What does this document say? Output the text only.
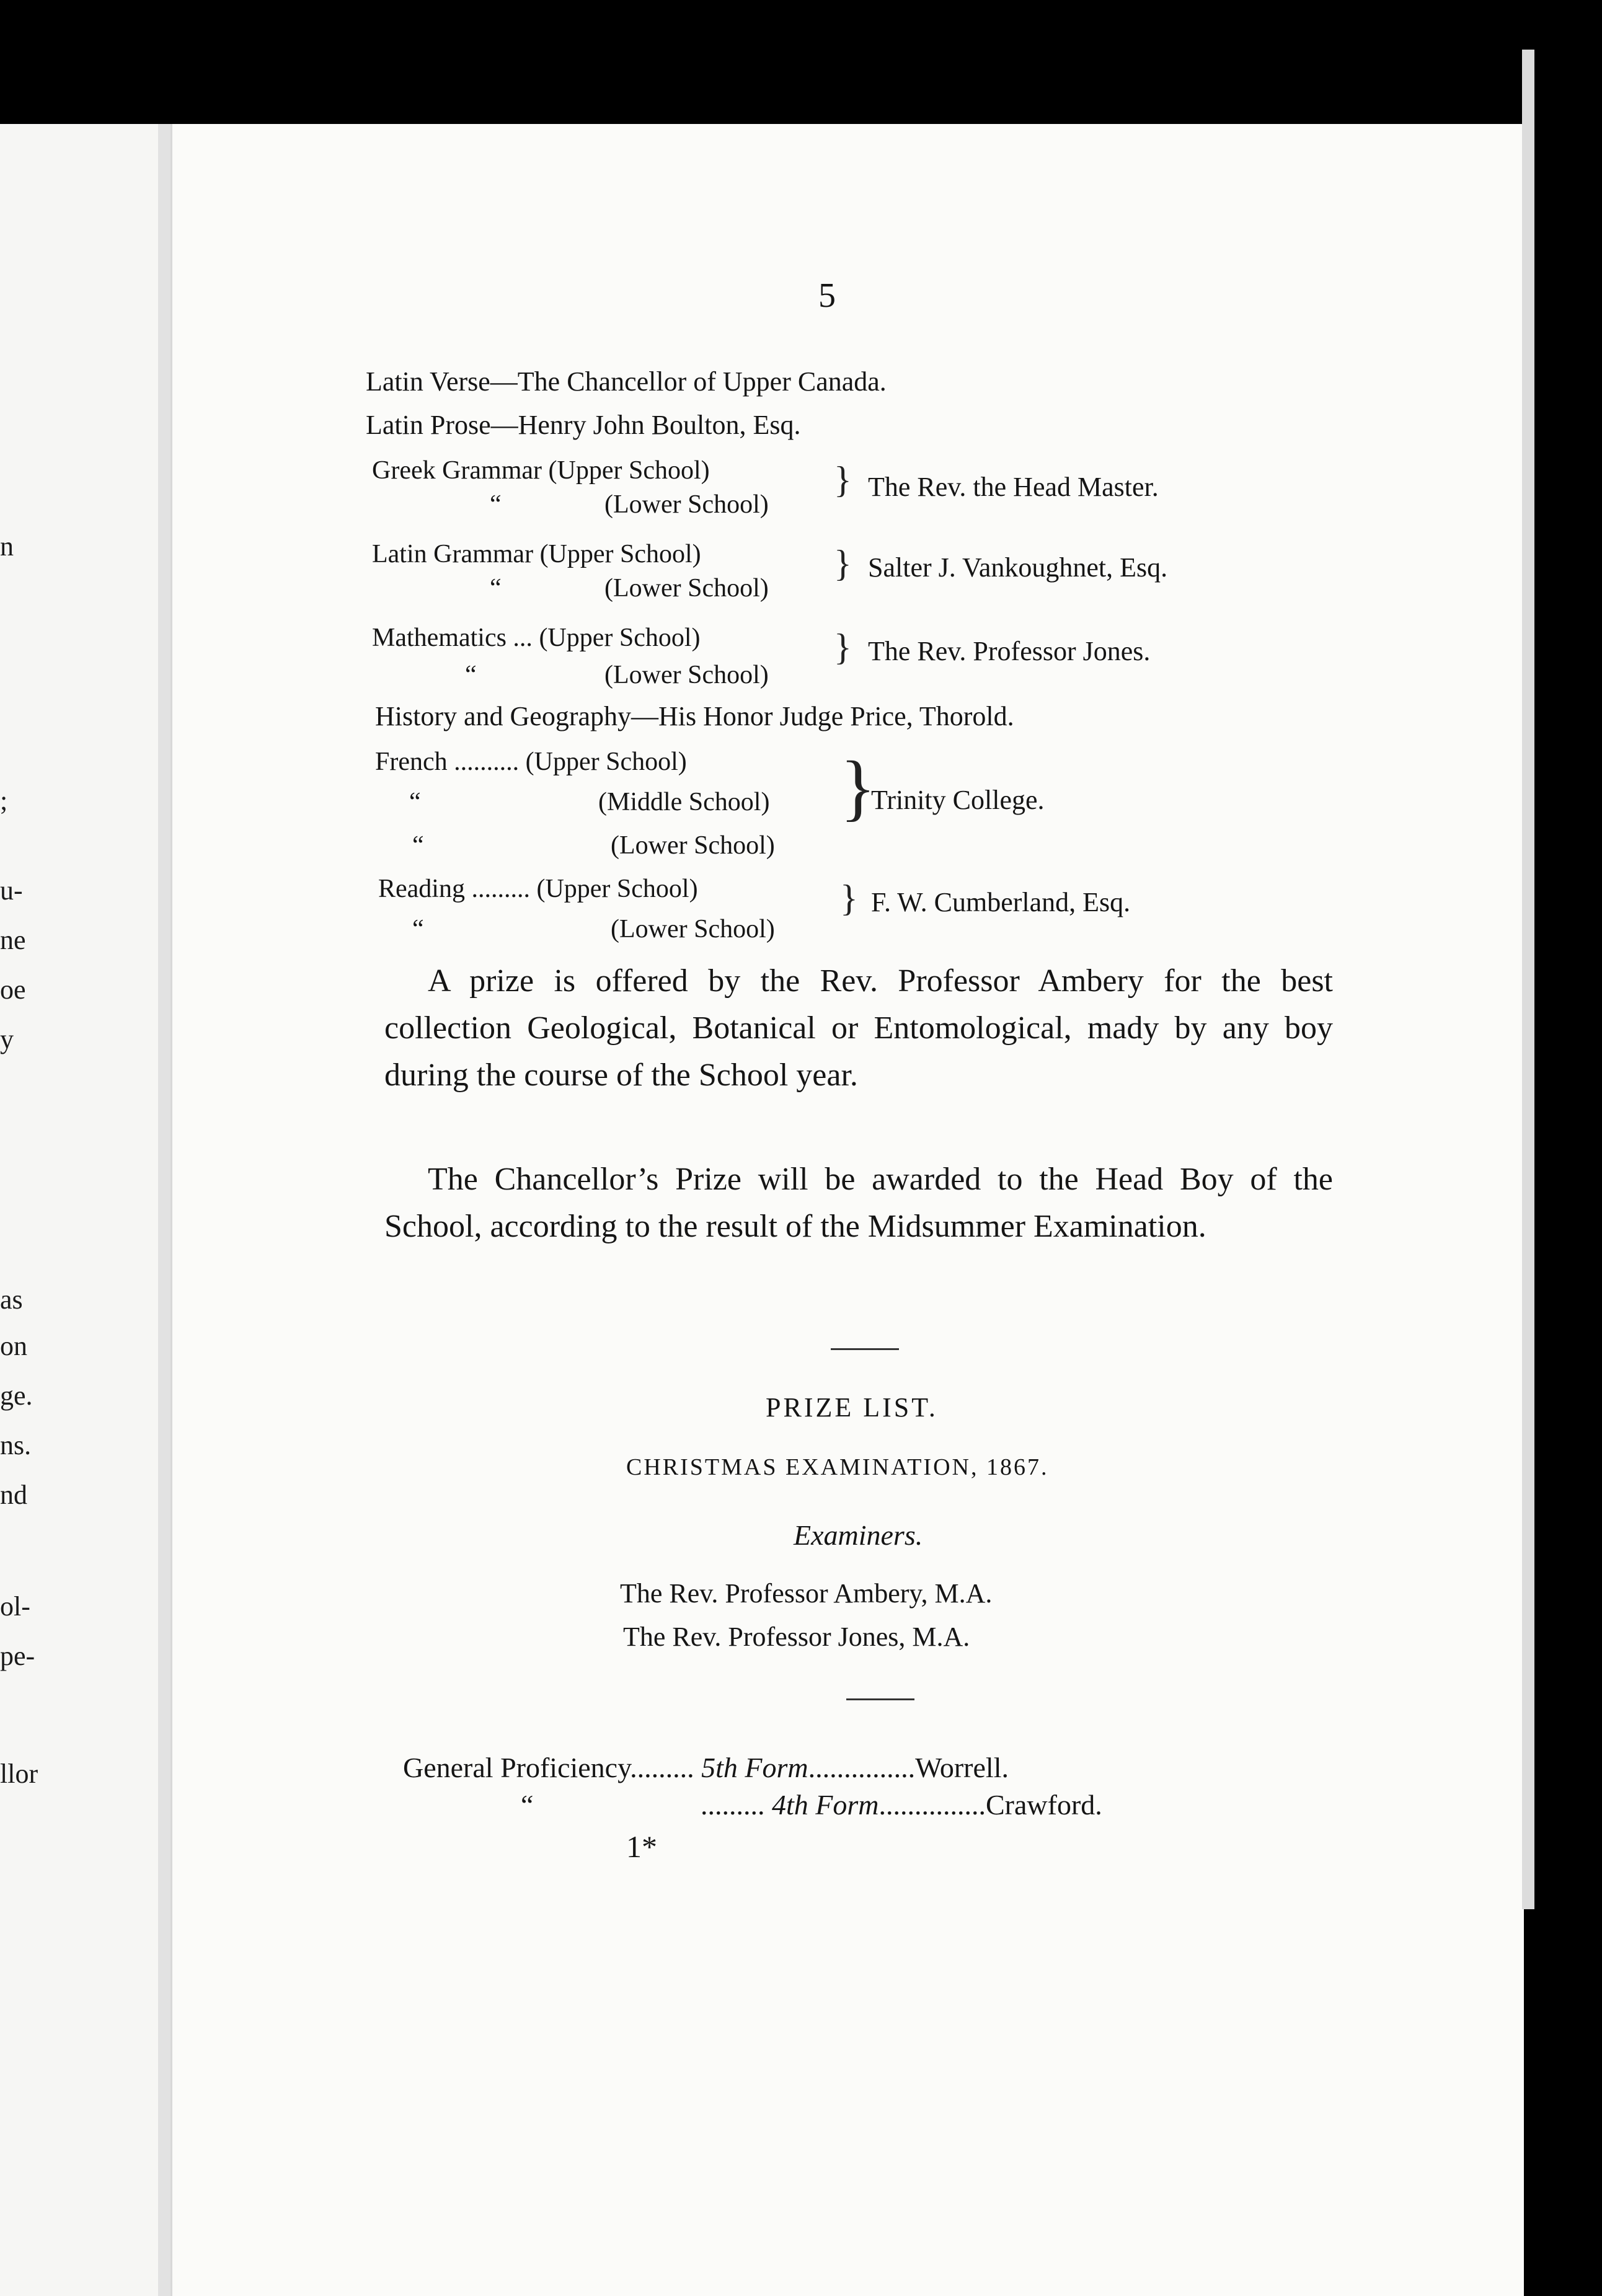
n
;
u-
ne
oe
y
as
on
ge.
ns.
nd
ol-
pe-
llor
5
Latin Verse—The Chancellor of Upper Canada.
Latin Prose—Henry John Boulton, Esq.
Greek Grammar (Upper School)
“	(Lower School)
} The Rev. the Head Master.
Latin Grammar (Upper School)
“	(Lower School)
} Salter J. Vankoughnet, Esq.
Mathematics ... (Upper School)
“	(Lower School)
} The Rev. Professor Jones.
History and Geography—His Honor Judge Price, Thorold.
French .......... (Upper School)
“	(Middle School)
“	(Lower School)
}
Trinity College.
Reading ......... (Upper School)
“	(Lower School)
} F. W. Cumberland, Esq.
A prize is offered by the Rev. Professor Ambery for the best collection Geological, Botanical or Entomological, mady by any boy during the course of the School year.
The Chancellor’s Prize will be awarded to the Head Boy of the School, according to the result of the Midsummer Examination.
PRIZE LIST.
CHRISTMAS EXAMINATION, 1867.
Examiners.
The Rev. Professor Ambery, M.A.
The Rev. Professor Jones, M.A.
General Proficiency......... 5th Form...............Worrell.
“	......... 4th Form...............Crawford.
1*
